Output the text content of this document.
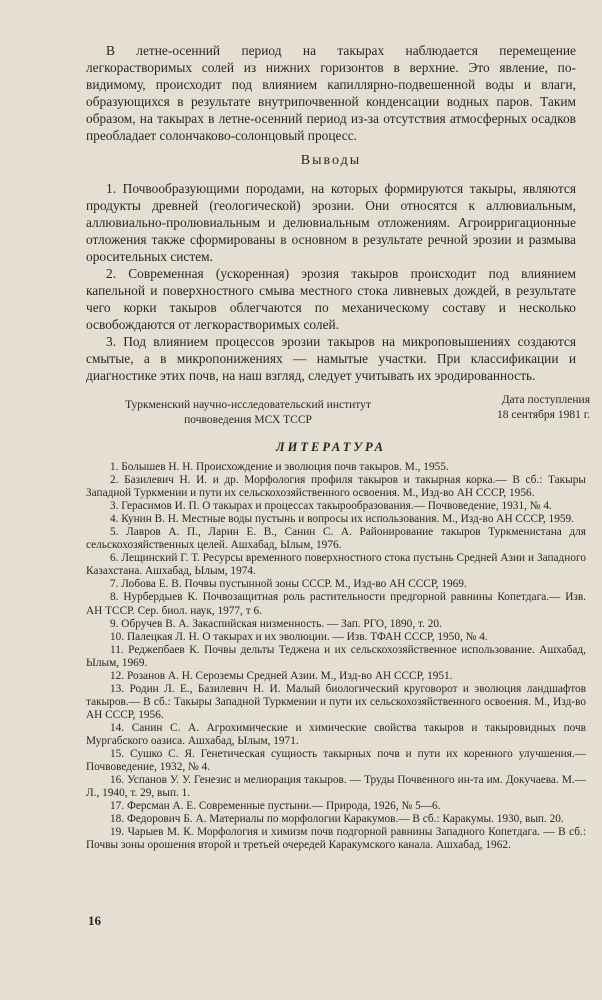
В летне-осенний период на такырах наблюдается перемещение легкорастворимых солей из нижних горизонтов в верхние. Это явление, по-видимому, происходит под влиянием капиллярно-подвешенной воды и влаги, образующихся в результате внутрипочвенной конденсации водных паров. Таким образом, на такырах в летне-осенний период из-за отсутствия атмосферных осадков преобладает солончаково-солонцовый процесс.

Выводы

1. Почвообразующими породами, на которых формируются такыры, являются продукты древней (геологической) эрозии. Они относятся к аллювиальным, аллювиально-пролювиальным и делювиальным отложениям. Агроирригационные отложения также сформированы в основном в результате речной эрозии и размыва оросительных систем.

2. Современная (ускоренная) эрозия такыров происходит под влиянием капельной и поверхностного смыва местного стока ливневых дождей, в результате чего корки такыров облегчаются по механическому составу и несколько освобождаются от легкорастворимых солей.

3. Под влиянием процессов эрозии такыров на микроповышениях создаются смытые, а в микропонижениях — намытые участки. При классификации и диагностике этих почв, на наш взгляд, следует учитывать их эродированность.

Туркменский научно-исследовательский институт
почвоведения МСХ ТССР
Дата поступления
18 сентября 1981 г.
ЛИТЕРАТУРА

1. Болышев Н. Н. Происхождение и эволюция почв такыров. М., 1955.

2. Базилевич Н. И. и др. Морфология профиля такыров и такырная корка.— В сб.: Такыры Западной Туркмении и пути их сельскохозяйственного освоения. М., Изд-во АН СССР, 1956.

3. Герасимов И. П. О такырах и процессах такырообразования.— Почвоведение, 1931, № 4.

4. Кунин В. Н. Местные воды пустынь и вопросы их использования. М., Изд-во АН СССР, 1959.

5. Лавров А. П., Ларин Е. В., Санин С. А. Районирование такыров Туркменистана для сельскохозяйственных целей. Ашхабад, Ылым, 1976.

6. Лещинский Г. Т. Ресурсы временного поверхностного стока пустынь Средней Азии и Западного Казахстана. Ашхабад, Ылым, 1974.

7. Лобова Е. В. Почвы пустынной зоны СССР. М., Изд-во АН СССР, 1969.

8. Нурбердыев К. Почвозащитная роль растительности предгорной равнины Копетдага.— Изв. АН ТССР. Сер. биол. наук, 1977, т 6.

9. Обручев В. А. Закаспийская низменность. — Зап. РГО, 1890, т. 20.

10. Палецкая Л. Н. О такырах и их эволюции. — Изв. ТФАН СССР, 1950, № 4.

11. Реджепбаев К. Почвы дельты Теджена и их сельскохозяйственное использование. Ашхабад, Ылым, 1969.

12. Розанов А. Н. Сероземы Средней Азии. М., Изд-во АН СССР, 1951.

13. Родин Л. Е., Базилевич Н. И. Малый биологический круговорот и эволюция ландшафтов такыров.— В сб.: Такыры Западной Туркмении и пути их сельскохозяйственного освоения. М., Изд-во АН СССР, 1956.

14. Санин С. А. Агрохимические и химические свойства такыров и такыровидных почв Мургабского оазиса. Ашхабад, Ылым, 1971.

15. Сушко С. Я. Генетическая сущность такырных почв и пути их коренного улучшения.— Почвоведение, 1932, № 4.

16. Успанов У. У. Генезис и мелиорация такыров. — Труды Почвенного ин-та им. Докучаева. М.—Л., 1940, т. 29, вып. 1.

17. Ферсман А. Е. Современные пустыни.— Природа, 1926, № 5—6.

18. Федорович Б. А. Материалы по морфологии Каракумов.— В сб.: Каракумы. 1930, вып. 20.

19. Чарыев М. К. Морфология и химизм почв подгорной равнины Западного Копетдага. — В сб.: Почвы зоны орошения второй и третьей очередей Каракумского канала. Ашхабад, 1962.

16
